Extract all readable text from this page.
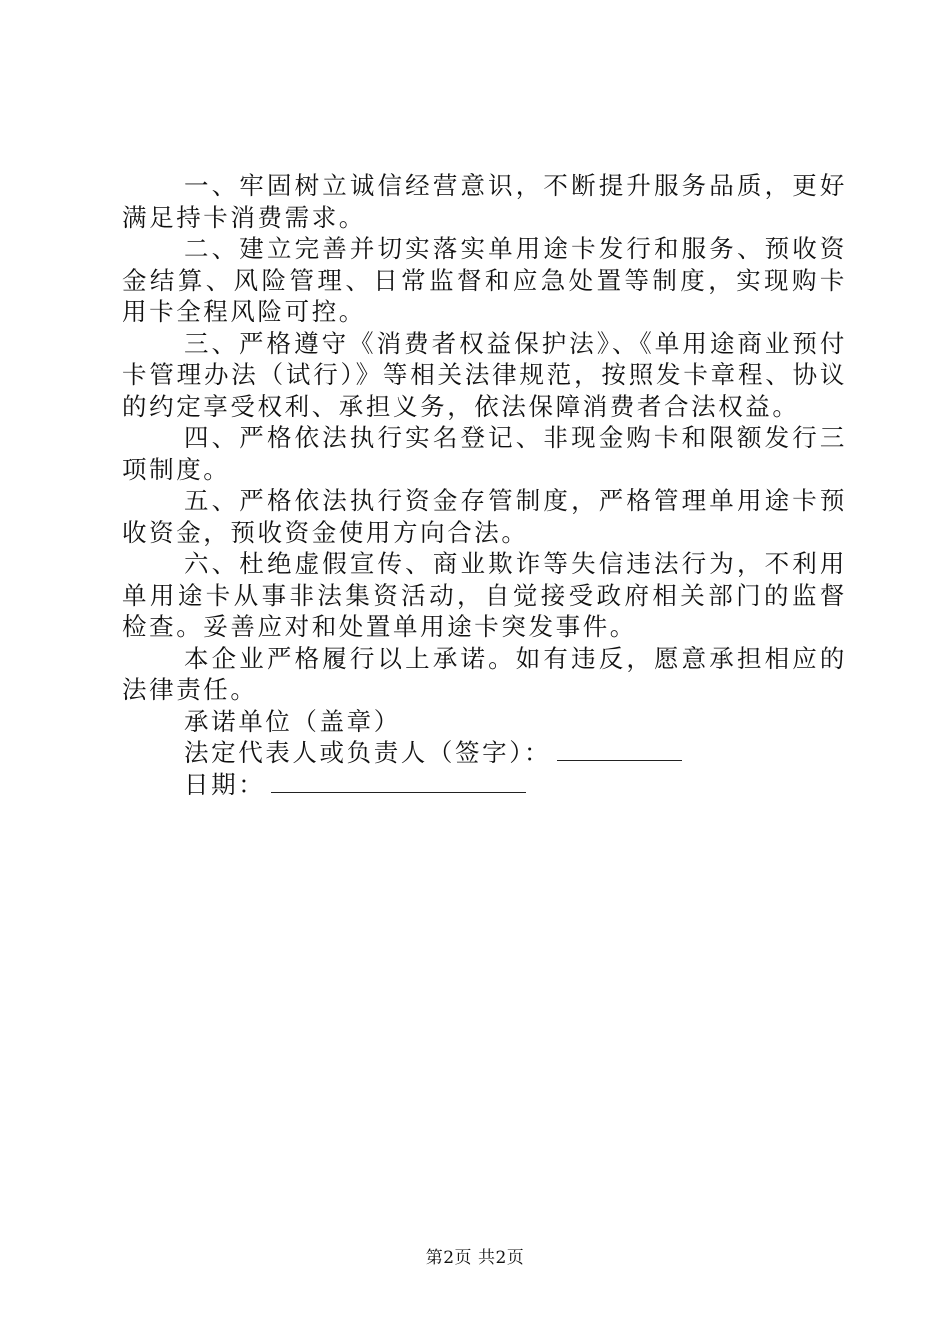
一、牢固树立诚信经营意识，不断提升服务品质，更好满足持卡消费需求。

二、建立完善并切实落实单用途卡发行和服务、预收资金结算、风险管理、日常监督和应急处置等制度，实现购卡用卡全程风险可控。

三、严格遵守《消费者权益保护法》、《单用途商业预付卡管理办法（试行）》等相关法律规范，按照发卡章程、协议的约定享受权利、承担义务，依法保障消费者合法权益。

四、严格依法执行实名登记、非现金购卡和限额发行三项制度。

五、严格依法执行资金存管制度，严格管理单用途卡预收资金，预收资金使用方向合法。

六、杜绝虚假宣传、商业欺诈等失信违法行为，不利用单用途卡从事非法集资活动，自觉接受政府相关部门的监督检查。妥善应对和处置单用途卡突发事件。

本企业严格履行以上承诺。如有违反，愿意承担相应的法律责任。

承诺单位（盖章）

法定代表人或负责人（签字）：

日期：

第2页 共2页
